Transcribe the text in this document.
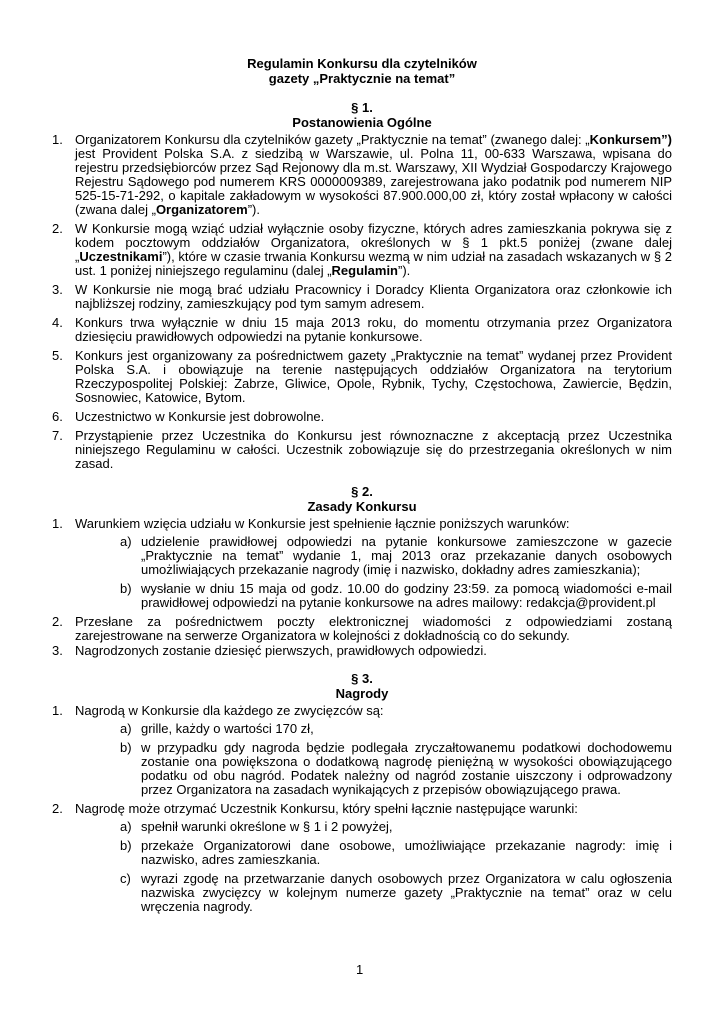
Regulamin Konkursu dla czytelników
gazety „Praktycznie na temat”
§ 1.
Postanowienia Ogólne
1. Organizatorem Konkursu dla czytelników gazety „Praktycznie na temat” (zwanego dalej: „Konkursem”) jest Provident Polska S.A. z siedzibą w Warszawie, ul. Polna 11, 00-633 Warszawa, wpisana do rejestru przedsiębiorców przez Sąd Rejonowy dla m.st. Warszawy, XII Wydział Gospodarczy Krajowego Rejestru Sądowego pod numerem KRS 0000009389, zarejestrowana jako podatnik pod numerem NIP 525-15-71-292, o kapitale zakładowym w wysokości 87.900.000,00 zł, który został wpłacony w całości (zwana dalej „Organizatorem”).
2. W Konkursie mogą wziąć udział wyłącznie osoby fizyczne, których adres zamieszkania pokrywa się z kodem pocztowym oddziałów Organizatora, określonych w § 1 pkt.5 poniżej (zwane dalej „Uczestnikami”), które w czasie trwania Konkursu wezmą w nim udział na zasadach wskazanych w § 2 ust. 1 poniżej niniejszego regulaminu (dalej „Regulamin”).
3. W Konkursie nie mogą brać udziału Pracownicy i Doradcy Klienta Organizatora oraz członkowie ich najbliższej rodziny, zamieszkujący pod tym samym adresem.
4. Konkurs trwa wyłącznie w dniu 15 maja 2013 roku, do momentu otrzymania przez Organizatora dziesięciu prawidłowych odpowiedzi na pytanie konkursowe.
5. Konkurs jest organizowany za pośrednictwem gazety „Praktycznie na temat” wydanej przez Provident Polska S.A. i obowiązuje na terenie następujących oddziałów Organizatora na terytorium Rzeczypospolitej Polskiej: Zabrze, Gliwice, Opole, Rybnik, Tychy, Częstochowa, Zawiercie, Będzin, Sosnowiec, Katowice, Bytom.
6. Uczestnictwo w Konkursie jest dobrowolne.
7. Przystąpienie przez Uczestnika do Konkursu jest równoznaczne z akceptacją przez Uczestnika niniejszego Regulaminu w całości. Uczestnik zobowiązuje się do przestrzegania określonych w nim zasad.
§ 2.
Zasady Konkursu
1. Warunkiem wzięcia udziału w Konkursie jest spełnienie łącznie poniższych warunków:
a) udzielenie prawidłowej odpowiedzi na pytanie konkursowe zamieszczone w gazecie „Praktycznie na temat” wydanie 1, maj 2013 oraz przekazanie danych osobowych umożliwiających przekazanie nagrody (imię i nazwisko, dokładny adres zamieszkania);
b) wysłanie w dniu 15 maja od godz. 10.00 do godziny 23:59. za pomocą wiadomości e-mail prawidłowej odpowiedzi na pytanie konkursowe na adres mailowy: redakcja@provident.pl
2. Przesłane za pośrednictwem poczty elektronicznej wiadomości z odpowiedziami zostaną zarejestrowane na serwerze Organizatora w kolejności z dokładnością co do sekundy.
3. Nagrodzonych zostanie dziesięć pierwszych, prawidłowych odpowiedzi.
§ 3.
Nagrody
1. Nagrodą w Konkursie dla każdego ze zwycięzców są:
a) grille, każdy o wartości 170 zł,
b) w przypadku gdy nagroda będzie podlegała zryczałtowanemu podatkowi dochodowemu zostanie ona powiększona o dodatkową nagrodę pieniężną w wysokości obowiązującego podatku od obu nagród. Podatek należny od nagród zostanie uiszczony i odprowadzony przez Organizatora na zasadach wynikających z przepisów obowiązującego prawa.
2. Nagrodę może otrzymać Uczestnik Konkursu, który spełni łącznie następujące warunki:
a) spełnił warunki określone w § 1 i 2 powyżej,
b) przekaże Organizatorowi dane osobowe, umożliwiające przekazanie nagrody: imię i nazwisko, adres zamieszkania.
c) wyrazi zgodę na przetwarzanie danych osobowych przez Organizatora w calu ogłoszenia nazwiska zwycięzcy w kolejnym numerze gazety „Praktycznie na temat” oraz w celu wręczenia nagrody.
1
